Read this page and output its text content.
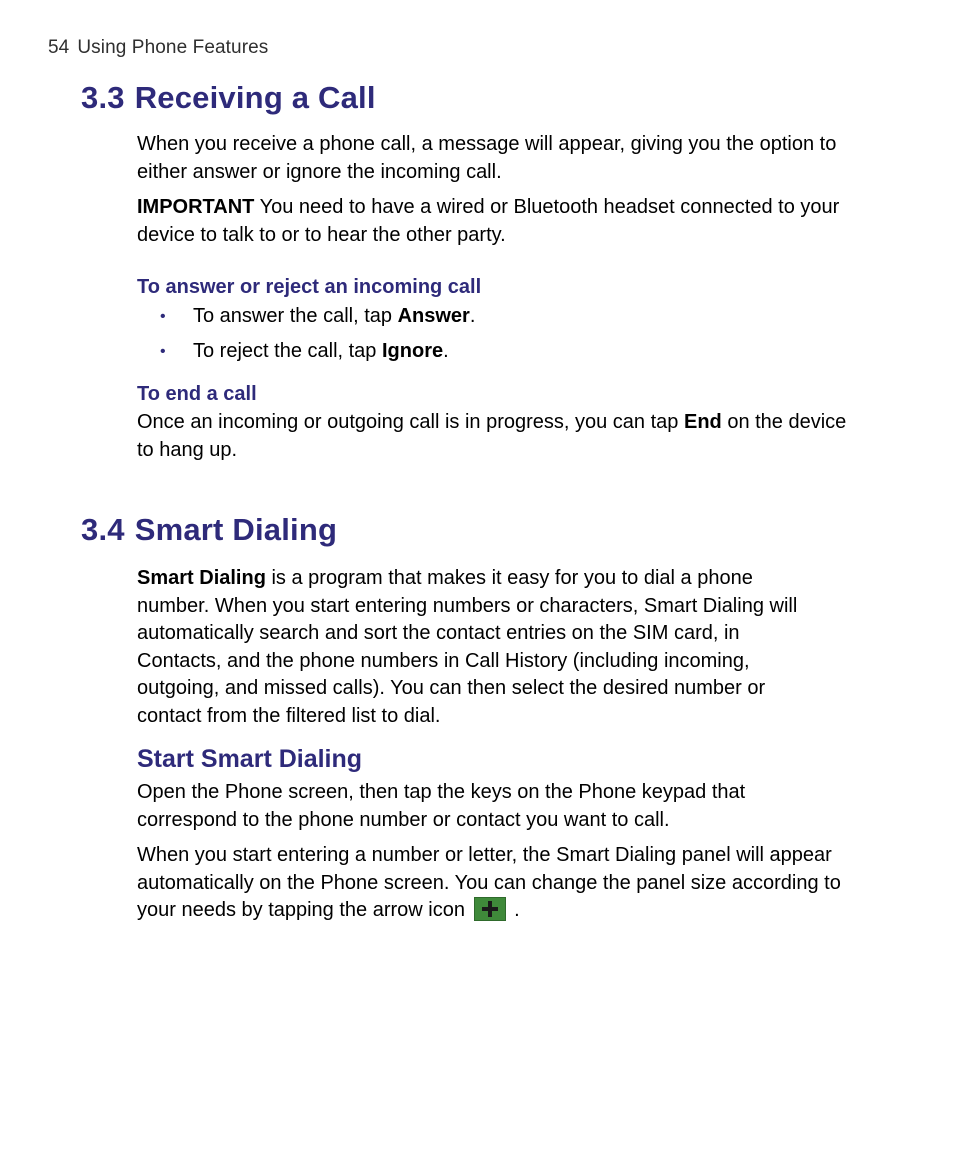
54 Using Phone Features
3.3 Receiving a Call

When you receive a phone call, a message will appear, giving you the option to either answer or ignore the incoming call.

IMPORTANT You need to have a wired or Bluetooth headset connected to your device to talk to or to hear the other party.

To answer or reject an incoming call
• To answer the call, tap Answer.
• To reject the call, tap Ignore.
To end a call

Once an incoming or outgoing call is in progress, you can tap End on the device to hang up.

3.4 Smart Dialing

Smart Dialing is a program that makes it easy for you to dial a phone number. When you start entering numbers or characters, Smart Dialing will automatically search and sort the contact entries on the SIM card, in Contacts, and the phone numbers in Call History (including incoming, outgoing, and missed calls). You can then select the desired number or contact from the filtered list to dial.

Start Smart Dialing

Open the Phone screen, then tap the keys on the Phone keypad that correspond to the phone number or contact you want to call.

When you start entering a number or letter, the Smart Dialing panel will appear automatically on the Phone screen. You can change the panel size according to your needs by tapping the arrow icon
.
